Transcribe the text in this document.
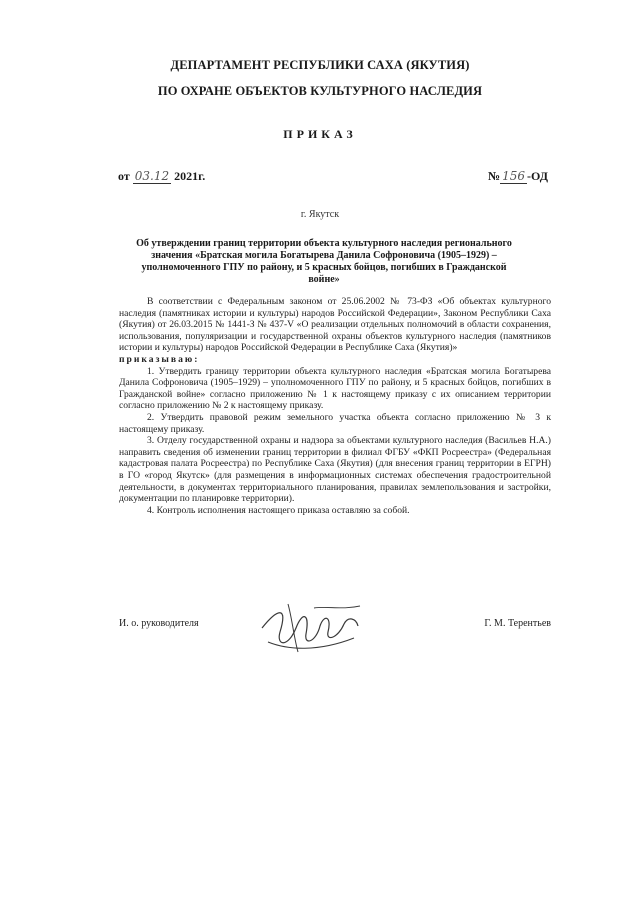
ДЕПАРТАМЕНТ РЕСПУБЛИКИ САХА (ЯКУТИЯ)
ПО ОХРАНЕ ОБЪЕКТОВ КУЛЬТУРНОГО НАСЛЕДИЯ
ПРИКАЗ
от 03.12 2021г.	№ 156 -ОД
г. Якутск
Об утверждении границ территории объекта культурного наследия регионального значения «Братская могила Богатырева Данила Софроновича (1905–1929) – уполномоченного ГПУ по району, и 5 красных бойцов, погибших в Гражданской войне»

В соответствии с Федеральным законом от 25.06.2002 № 73-ФЗ «Об объектах культурного наследия (памятниках истории и культуры) народов Российской Федерации», Законом Республики Саха (Якутия) от 26.03.2015 № 1441-З № 437-V «О реализации отдельных полномочий в области сохранения, использования, популяризации и государственной охраны объектов культурного наследия (памятников истории и культуры) народов Российской Федерации в Республике Саха (Якутия)»

приказываю:

1. Утвердить границу территории объекта культурного наследия «Братская могила Богатырева Данила Софроновича (1905–1929) – уполномоченного ГПУ по району, и 5 красных бойцов, погибших в Гражданской войне» согласно приложению № 1 к настоящему приказу с их описанием территории согласно приложению № 2 к настоящему приказу.

2. Утвердить правовой режим земельного участка объекта согласно приложению № 3 к настоящему приказу.

3. Отделу государственной охраны и надзора за объектами культурного наследия (Васильев Н.А.) направить сведения об изменении границ территории в филиал ФГБУ «ФКП Росреестра» (Федеральная кадастровая палата Росреестра) по Республике Саха (Якутия) (для внесения границ территории в ЕГРН) в ГО «город Якутск» (для размещения в информационных системах обеспечения градостроительной деятельности, в документах территориального планирования, правилах землепользования и застройки, документации по планировке территории).

4. Контроль исполнения настоящего приказа оставляю за собой.

И. о. руководителя	Г. М. Терентьев
